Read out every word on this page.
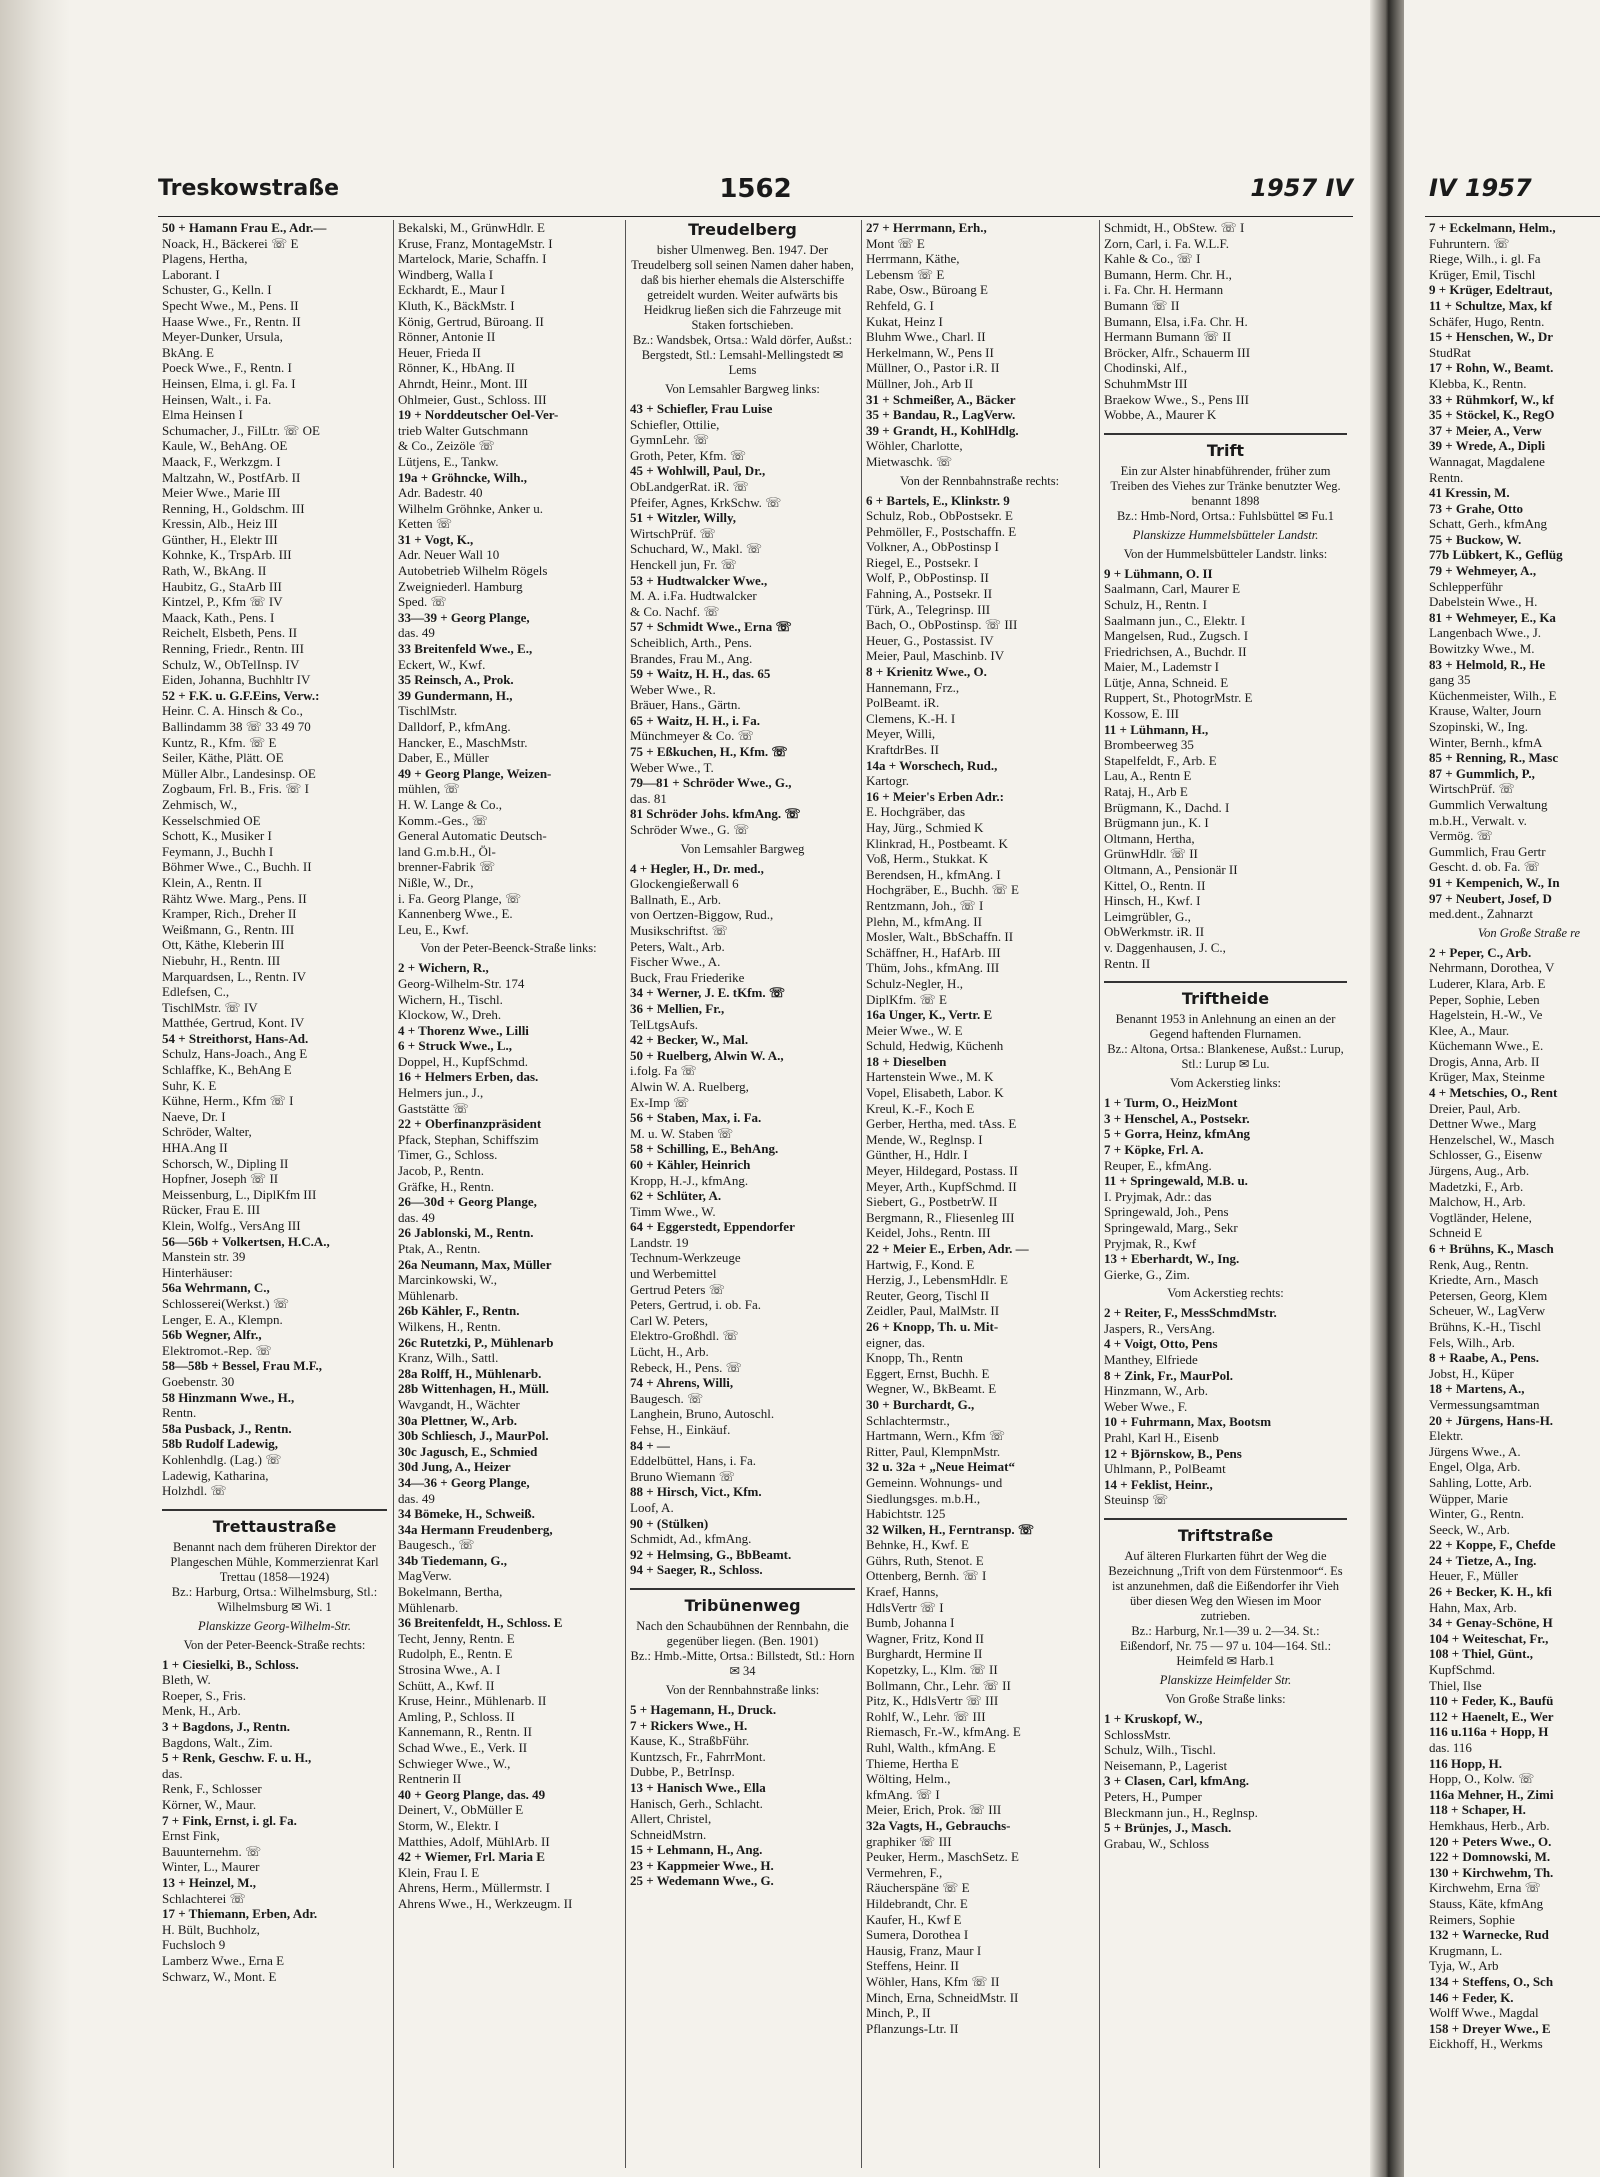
Treskowstraße	1562	1957 IV
50 + Hamann Frau E., Adr.—
Noack, H., Bäckerei ☏ E
Plagens, Hertha,
Laborant. I
Schuster, G., Kelln. I
Specht Wwe., M., Pens. II
Haase Wwe., Fr., Rentn. II
Meyer-Dunker, Ursula,
BkAng. E
Poeck Wwe., F., Rentn. I
Heinsen, Elma, i. gl. Fa. I
Heinsen, Walt., i. Fa.
Elma Heinsen I
Schumacher, J., FilLtr. ☏ OE
Kaule, W., BehAng. OE
Maack, F., Werkzgm. I
Maltzahn, W., PostfArb. II
Meier Wwe., Marie III
Renning, H., Goldschm. III
Kressin, Alb., Heiz III
Günther, H., Elektr III
Kohnke, K., TrspArb. III
Rath, W., BkAng. II
Haubitz, G., StaArb III
Kintzel, P., Kfm ☏ IV
Maack, Kath., Pens. I
Reichelt, Elsbeth, Pens. II
Renning, Friedr., Rentn. III
Schulz, W., ObTelInsp. IV
Eiden, Johanna, Buchhltr IV
52 + F.K. u. G.F.Eins, Verw.:
Heinr. C. A. Hinsch & Co.,
Ballindamm 38 ☏ 33 49 70
Kuntz, R., Kfm. ☏ E
Seiler, Käthe, Plätt. OE
Müller Albr., Landesinsp. OE
Zogbaum, Frl. B., Fris. ☏ I
Zehmisch, W.,
Kesselschmied OE
Schott, K., Musiker I
Feymann, J., Buchh I
Böhmer Wwe., C., Buchh. II
Klein, A., Rentn. II
Rähtz Wwe. Marg., Pens. II
Kramper, Rich., Dreher II
Weißmann, G., Rentn. III
Ott, Käthe, Kleberin III
Niebuhr, H., Rentn. III
Marquardsen, L., Rentn. IV
Edlefsen, C.,
TischlMstr. ☏ IV
Matthée, Gertrud, Kont. IV
54 + Streithorst, Hans-Ad.
Schulz, Hans-Joach., Ang E
Schlaffke, K., BehAng E
Suhr, K. E
Kühne, Herm., Kfm ☏ I
Naeve, Dr. I
Schröder, Walter,
HHA.Ang II
Schorsch, W., Dipling II
Hopfner, Joseph ☏ II
Meissenburg, L., DiplKfm III
Rücker, Frau E. III
Klein, Wolfg., VersAng III
56—56b + Volkertsen, H.C.A.,
Manstein str. 39
Hinterhäuser:
56a Wehrmann, C.,
Schlosserei(Werkst.) ☏
Lenger, E. A., Klempn.
56b Wegner, Alfr.,
Elektromot.-Rep. ☏
58—58b + Bessel, Frau M.F.,
Goebenstr. 30
58 Hinzmann Wwe., H.,
Rentn.
58a Pusback, J., Rentn.
58b Rudolf Ladewig,
Kohlenhdlg. (Lag.) ☏
Ladewig, Katharina,
Holzhdl. ☏
Trettaustraße
Benannt nach dem früheren Direktor der Plangeschen Mühle, Kommerzienrat Karl Trettau (1858—1924)
Bz.: Harburg, Ortsa.: Wilhelmsburg, Stl.: Wilhelmsburg ✉ Wi. 1
Planskizze Georg-Wilhelm-Str.
Von der Peter-Beenck-Straße rechts:
1 + Ciesielki, B., Schloss.
Bleth, W.
Roeper, S., Fris.
Menk, H., Arb.
3 + Bagdons, J., Rentn.
Bagdons, Walt., Zim.
5 + Renk, Geschw. F. u. H.,
das.
Renk, F., Schlosser
Körner, W., Maur.
7 + Fink, Ernst, i. gl. Fa.
Ernst Fink,
Bauunternehm. ☏
Winter, L., Maurer
13 + Heinzel, M.,
Schlachterei ☏
17 + Thiemann, Erben, Adr.
H. Bült, Buchholz,
Fuchsloch 9
Lamberz Wwe., Erna E
Schwarz, W., Mont. E
Bekalski, M., GrünwHdlr. E
Kruse, Franz, MontageMstr. I
Martelock, Marie, Schaffn. I
Windberg, Walla I
Eckhardt, E., Maur I
Kluth, K., BäckMstr. I
König, Gertrud, Büroang. II
Rönner, Antonie II
Heuer, Frieda II
Rönner, K., HbAng. II
Ahrndt, Heinr., Mont. III
Ohlmeier, Gust., Schloss. III
19 + Norddeutscher Oel-Ver-
trieb Walter Gutschmann
& Co., Zeizöle ☏
Lütjens, E., Tankw.
19a + Gröhncke, Wilh.,
Adr. Badestr. 40
Wilhelm Gröhnke, Anker u.
Ketten ☏
31 + Vogt, K.,
Adr. Neuer Wall 10
Autobetrieb Wilhelm Rögels
Zweigniederl. Hamburg
Sped. ☏
33—39 + Georg Plange,
das. 49
33 Breitenfeld Wwe., E.,
Eckert, W., Kwf.
35 Reinsch, A., Prok.
39 Gundermann, H.,
TischlMstr.
Dalldorf, P., kfmAng.
Hancker, E., MaschMstr.
Daber, E., Müller
49 + Georg Plange, Weizen-
mühlen, ☏
H. W. Lange & Co.,
Komm.-Ges., ☏
General Automatic Deutsch-
land G.m.b.H., Öl-
brenner-Fabrik ☏
Nißle, W., Dr.,
i. Fa. Georg Plange, ☏
Kannenberg Wwe., E.
Leu, E., Kwf.
Von der Peter-Beenck-Straße links:
2 + Wichern, R.,
Georg-Wilhelm-Str. 174
Wichern, H., Tischl.
Klockow, W., Dreh.
4 + Thorenz Wwe., Lilli
6 + Struck Wwe., L.,
Doppel, H., KupfSchmd.
16 + Helmers Erben, das.
Helmers jun., J.,
Gaststätte ☏
22 + Oberfinanzpräsident
Pfack, Stephan, Schiffszim
Timer, G., Schloss.
Jacob, P., Rentn.
Gräfke, H., Rentn.
26—30d + Georg Plange,
das. 49
26 Jablonski, M., Rentn.
Ptak, A., Rentn.
26a Neumann, Max, Müller
Marcinkowski, W.,
Mühlenarb.
26b Kähler, F., Rentn.
Wilkens, H., Rentn.
26c Rutetzki, P., Mühlenarb
Kranz, Wilh., Sattl.
28a Rolff, H., Mühlenarb.
28b Wittenhagen, H., Müll.
Wavgandt, H., Wächter
30a Plettner, W., Arb.
30b Schliesch, J., MaurPol.
30c Jagusch, E., Schmied
30d Jung, A., Heizer
34—36 + Georg Plange,
das. 49
34 Bömeke, H., Schweiß.
34a Hermann Freudenberg,
Baugesch., ☏
34b Tiedemann, G.,
MagVerw.
Bokelmann, Bertha,
Mühlenarb.
36 Breitenfeldt, H., Schloss. E
Techt, Jenny, Rentn. E
Rudolph, E., Rentn. E
Strosina Wwe., A. I
Schütt, A., Kwf. II
Kruse, Heinr., Mühlenarb. II
Amling, P., Schloss. II
Kannemann, R., Rentn. II
Schad Wwe., E., Verk. II
Schwieger Wwe., W.,
Rentnerin II
40 + Georg Plange, das. 49
Deinert, V., ObMüller E
Storm, W., Elektr. I
Matthies, Adolf, MühlArb. II
42 + Wiemer, Frl. Maria E
Klein, Frau I. E
Ahrens, Herm., Müllermstr. I
Ahrens Wwe., H., Werkzeugm. II
Treudelberg
bisher Ulmenweg. Ben. 1947. Der Treudelberg soll seinen Namen daher haben, daß bis hierher ehemals die Alsterschiffe getreidelt wurden. Weiter aufwärts bis Heidkrug ließen sich die Fahrzeuge mit Staken fortschieben.
Bz.: Wandsbek, Ortsa.: Wald dörfer, Außst.: Bergstedt, Stl.: Lemsahl-Mellingstedt ✉ Lems
Von Lemsahler Bargweg links:
43 + Schiefler, Frau Luise
Schiefler, Ottilie,
GymnLehr. ☏
Groth, Peter, Kfm. ☏
45 + Wohlwill, Paul, Dr.,
ObLandgerRat. iR. ☏
Pfeifer, Agnes, KrkSchw. ☏
51 + Witzler, Willy,
WirtschPrüf. ☏
Schuchard, W., Makl. ☏
Henckell jun, Fr. ☏
53 + Hudtwalcker Wwe.,
M. A. i.Fa. Hudtwalcker
& Co. Nachf. ☏
57 + Schmidt Wwe., Erna ☏
Scheiblich, Arth., Pens.
Brandes, Frau M., Ang.
59 + Waitz, H. H., das. 65
Weber Wwe., R.
Bräuer, Hans., Gärtn.
65 + Waitz, H. H., i. Fa.
Münchmeyer & Co. ☏
75 + Eßkuchen, H., Kfm. ☏
Weber Wwe., T.
79—81 + Schröder Wwe., G.,
das. 81
81 Schröder Johs. kfmAng. ☏
Schröder Wwe., G. ☏
Von Lemsahler Bargweg
4 + Hegler, H., Dr. med.,
Glockengießerwall 6
Ballnath, E., Arb.
von Oertzen-Biggow, Rud.,
Musikschriftst. ☏
Peters, Walt., Arb.
Fischer Wwe., A.
Buck, Frau Friederike
34 + Werner, J. E. tKfm. ☏
36 + Mellien, Fr.,
TelLtgsAufs.
42 + Becker, W., Mal.
50 + Ruelberg, Alwin W. A.,
i.folg. Fa ☏
Alwin W. A. Ruelberg,
Ex-Imp ☏
56 + Staben, Max, i. Fa.
M. u. W. Staben ☏
58 + Schilling, E., BehAng.
60 + Kähler, Heinrich
Kropp, H.-J., kfmAng.
62 + Schlüter, A.
Timm Wwe., W.
64 + Eggerstedt, Eppendorfer
Landstr. 19
Technum-Werkzeuge
und Werbemittel
Gertrud Peters ☏
Peters, Gertrud, i. ob. Fa.
Carl W. Peters,
Elektro-Großhdl. ☏
Lücht, H., Arb.
Rebeck, H., Pens. ☏
74 + Ahrens, Willi,
Baugesch. ☏
Langhein, Bruno, Autoschl.
Fehse, H., Einkäuf.
84 + —
Eddelbüttel, Hans, i. Fa.
Bruno Wiemann ☏
88 + Hirsch, Vict., Kfm.
Loof, A.
90 + (Stülken)
Schmidt, Ad., kfmAng.
92 + Helmsing, G., BbBeamt.
94 + Saeger, R., Schloss.
Tribünenweg
Nach den Schaubühnen der Rennbahn, die gegenüber liegen. (Ben. 1901)
Bz.: Hmb.-Mitte, Ortsa.: Billstedt, Stl.: Horn ✉ 34
Von der Rennbahnstraße links:
5 + Hagemann, H., Druck.
7 + Rickers Wwe., H.
Kause, K., StraßbFühr.
Kuntzsch, Fr., FahrrMont.
Dubbe, P., BetrInsp.
13 + Hanisch Wwe., Ella
Hanisch, Gerh., Schlacht.
Allert, Christel,
SchneidMstrn.
15 + Lehmann, H., Ang.
23 + Kappmeier Wwe., H.
25 + Wedemann Wwe., G.
27 + Herrmann, Erh.,
Mont ☏ E
Herrmann, Käthe,
Lebensm ☏ E
Rabe, Osw., Büroang E
Rehfeld, G. I
Kukat, Heinz I
Bluhm Wwe., Charl. II
Herkelmann, W., Pens II
Müllner, O., Pastor i.R. II
Müllner, Joh., Arb II
31 + Schmeißer, A., Bäcker
35 + Bandau, R., LagVerw.
39 + Grandt, H., KohlHdlg.
Wöhler, Charlotte,
Mietwaschk. ☏
Von der Rennbahnstraße rechts:
6 + Bartels, E., Klinkstr. 9
Schulz, Rob., ObPostsekr. E
Pehmöller, F., Postschaffn. E
Volkner, A., ObPostinsp I
Riegel, E., Postsekr. I
Wolf, P., ObPostinsp. II
Fahning, A., Postsekr. II
Türk, A., Telegrinsp. III
Bach, O., ObPostinsp. ☏ III
Heuer, G., Postassist. IV
Meier, Paul, Maschinb. IV
8 + Krienitz Wwe., O.
Hannemann, Frz.,
PolBeamt. iR.
Clemens, K.-H. I
Meyer, Willi,
KraftdrBes. II
14a + Worschech, Rud.,
Kartogr.
16 + Meier's Erben Adr.:
E. Hochgräber, das
Hay, Jürg., Schmied K
Klinkrad, H., Postbeamt. K
Voß, Herm., Stukkat. K
Berendsen, H., kfmAng. I
Hochgräber, E., Buchh. ☏ E
Rentzmann, Joh., ☏ I
Plehn, M., kfmAng. II
Mosler, Walt., BbSchaffn. II
Schäffner, H., HafArb. III
Thüm, Johs., kfmAng. III
Schulz-Negler, H.,
DiplKfm. ☏ E
16a Unger, K., Vertr. E
Meier Wwe., W. E
Schuld, Hedwig, Küchenh
18 + Dieselben
Hartenstein Wwe., M. K
Vopel, Elisabeth, Labor. K
Kreul, K.-F., Koch E
Gerber, Hertha, med. tAss. E
Mende, W., Reglnsp. I
Günther, H., Hdlr. I
Meyer, Hildegard, Postass. II
Meyer, Arth., KupfSchmd. II
Siebert, G., PostbetrW. II
Bergmann, R., Fliesenleg III
Keidel, Johs., Rentn. III
22 + Meier E., Erben, Adr. —
Hartwig, F., Kond. E
Herzig, J., LebensmHdlr. E
Reuter, Georg, Tischl II
Zeidler, Paul, MalMstr. II
26 + Knopp, Th. u. Mit-
eigner, das.
Knopp, Th., Rentn
Eggert, Ernst, Buchh. E
Wegner, W., BkBeamt. E
30 + Burchardt, G.,
Schlachtermstr.,
Hartmann, Wern., Kfm ☏
Ritter, Paul, KlempnMstr.
32 u. 32a + „Neue Heimat“
Gemeinn. Wohnungs- und
Siedlungsges. m.b.H.,
Habichtstr. 125
32 Wilken, H., Ferntransp. ☏
Behnke, H., Kwf. E
Gührs, Ruth, Stenot. E
Ottenberg, Bernh. ☏ I
Kraef, Hanns,
HdlsVertr ☏ I
Bumb, Johanna I
Wagner, Fritz, Kond II
Burghardt, Hermine II
Kopetzky, L., Klm. ☏ II
Bollmann, Chr., Lehr. ☏ II
Pitz, K., HdlsVertr ☏ III
Rohlf, W., Lehr. ☏ III
Riemasch, Fr.-W., kfmAng. E
Ruhl, Walth., kfmAng. E
Thieme, Hertha E
Wölting, Helm.,
kfmAng. ☏ I
Meier, Erich, Prok. ☏ III
32a Vagts, H., Gebrauchs-
graphiker ☏ III
Peuker, Herm., MaschSetz. E
Vermehren, F.,
Räucherspäne ☏ E
Hildebrandt, Chr. E
Kaufer, H., Kwf E
Sumera, Dorothea I
Hausig, Franz, Maur I
Steffens, Heinr. II
Wöhler, Hans, Kfm ☏ II
Minch, Erna, SchneidMstr. II
Minch, P., II
Pflanzungs-Ltr. II
Schmidt, H., ObStew. ☏ I
Zorn, Carl, i. Fa. W.L.F.
Kahle & Co., ☏ I
Bumann, Herm. Chr. H.,
i. Fa. Chr. H. Hermann
Bumann ☏ II
Bumann, Elsa, i.Fa. Chr. H.
Hermann Bumann ☏ II
Bröcker, Alfr., Schauerm III
Chodinski, Alf.,
SchuhmMstr III
Braekow Wwe., S., Pens III
Wobbe, A., Maurer K
Trift
Ein zur Alster hinabführender, früher zum Treiben des Viehes zur Tränke benutzter Weg. benannt 1898
Bz.: Hmb-Nord, Ortsa.: Fuhlsbüttel ✉ Fu.1
Planskizze Hummelsbütteler Landstr.
Von der Hummelsbütteler Landstr. links:
9 + Lühmann, O. II
Saalmann, Carl, Maurer E
Schulz, H., Rentn. I
Saalmann jun., C., Elektr. I
Mangelsen, Rud., Zugsch. I
Friedrichsen, A., Buchdr. II
Maier, M., Lademstr I
Lütje, Anna, Schneid. E
Ruppert, St., PhotogrMstr. E
Kossow, E. III
11 + Lühmann, H.,
Brombeerweg 35
Stapelfeldt, F., Arb. E
Lau, A., Rentn E
Rataj, H., Arb E
Brügmann, K., Dachd. I
Brügmann jun., K. I
Oltmann, Hertha,
GrünwHdlr. ☏ II
Oltmann, A., Pensionär II
Kittel, O., Rentn. II
Hinsch, H., Kwf. I
Leimgrübler, G.,
ObWerkmstr. iR. II
v. Daggenhausen, J. C.,
Rentn. II
Triftheide
Benannt 1953 in Anlehnung an einen an der Gegend haftenden Flurnamen.
Bz.: Altona, Ortsa.: Blankenese, Außst.: Lurup, Stl.: Lurup ✉ Lu.
Vom Ackerstieg links:
1 + Turm, O., HeizMont
3 + Henschel, A., Postsekr.
5 + Gorra, Heinz, kfmAng
7 + Köpke, Frl. A.
Reuper, E., kfmAng.
11 + Springewald, M.B. u.
I. Pryjmak, Adr.: das
Springewald, Joh., Pens
Springewald, Marg., Sekr
Pryjmak, R., Kwf
13 + Eberhardt, W., Ing.
Gierke, G., Zim.
Vom Ackerstieg rechts:
2 + Reiter, F., MessSchmdMstr.
Jaspers, R., VersAng.
4 + Voigt, Otto, Pens
Manthey, Elfriede
8 + Zink, Fr., MaurPol.
Hinzmann, W., Arb.
Weber Wwe., F.
10 + Fuhrmann, Max, Bootsm
Prahl, Karl H., Eisenb
12 + Björnskow, B., Pens
Uhlmann, P., PolBeamt
14 + Feklist, Heinr.,
Steuinsp ☏
Triftstraße
Auf älteren Flurkarten führt der Weg die Bezeichnung „Trift von dem Fürstenmoor“. Es ist anzunehmen, daß die Eißendorfer ihr Vieh über diesen Weg den Wiesen im Moor zutrieben.
Bz.: Harburg, Nr.1—39 u. 2—34. St.: Eißendorf, Nr. 75 — 97 u. 104—164. Stl.: Heimfeld ✉ Harb.1
Planskizze Heimfelder Str.
Von Große Straße links:
1 + Kruskopf, W.,
SchlossMstr.
Schulz, Wilh., Tischl.
Neisemann, P., Lagerist
3 + Clasen, Carl, kfmAng.
Peters, H., Pumper
Bleckmann jun., H., Reglnsp.
5 + Brünjes, J., Masch.
Grabau, W., Schloss
IV 1957
7 + Eckelmann, Helm.,
Fuhruntern. ☏
Riege, Wilh., i. gl. Fa
Krüger, Emil, Tischl
9 + Krüger, Edeltraut,
11 + Schultze, Max, kf
Schäfer, Hugo, Rentn.
15 + Henschen, W., Dr
StudRat
17 + Rohn, W., Beamt.
Klebba, K., Rentn.
33 + Rühmkorf, W., kf
35 + Stöckel, K., RegO
37 + Meier, A., Verw
39 + Wrede, A., Dipli
Wannagat, Magdalene
Rentn.
41 Kressin, M.
73 + Grahe, Otto
Schatt, Gerh., kfmAng
75 + Buckow, W.
77b Lübkert, K., Geflüg
79 + Wehmeyer, A.,
Schlepperführ
Dabelstein Wwe., H.
81 + Wehmeyer, E., Ka
Langenbach Wwe., J.
Bowitzky Wwe., M.
83 + Helmold, R., He
gang 35
Küchenmeister, Wilh., E
Krause, Walter, Journ
Szopinski, W., Ing.
Winter, Bernh., kfmA
85 + Renning, R., Masc
87 + Gummlich, P.,
WirtschPrüf. ☏
Gummlich Verwaltung
m.b.H., Verwalt. v.
Vermög. ☏
Gummlich, Frau Gertr
Gescht. d. ob. Fa. ☏
91 + Kempenich, W., In
97 + Neubert, Josef, D
med.dent., Zahnarzt
Von Große Straße re
2 + Peper, C., Arb.
Nehrmann, Dorothea, V
Luderer, Klara, Arb. E
Peper, Sophie, Leben
Hagelstein, H.-W., Ve
Klee, A., Maur.
Küchemann Wwe., E.
Drogis, Anna, Arb. II
Krüger, Max, Steinme
4 + Metschies, O., Rent
Dreier, Paul, Arb.
Dettner Wwe., Marg
Henzelschel, W., Masch
Schlosser, G., Eisenw
Jürgens, Aug., Arb.
Madetzki, F., Arb.
Malchow, H., Arb.
Vogtländer, Helene,
Schneid E
6 + Brühns, K., Masch
Renk, Aug., Rentn.
Kriedte, Arn., Masch
Petersen, Georg, Klem
Scheuer, W., LagVerw
Brühns, K.-H., Tischl
Fels, Wilh., Arb.
8 + Raabe, A., Pens.
Jobst, H., Küper
18 + Martens, A.,
Vermessungsamtman
20 + Jürgens, Hans-H.
Elektr.
Jürgens Wwe., A.
Engel, Olga, Arb.
Sahling, Lotte, Arb.
Wüpper, Marie
Winter, G., Rentn.
Seeck, W., Arb.
22 + Koppe, F., Chefde
24 + Tietze, A., Ing.
Heuer, F., Müller
26 + Becker, K. H., kfi
Hahn, Max, Arb.
34 + Genay-Schöne, H
104 + Weiteschat, Fr.,
108 + Thiel, Günt.,
KupfSchmd.
Thiel, Ilse
110 + Feder, K., Baufü
112 + Haenelt, E., Wer
116 u.116a + Hopp, H
das. 116
116 Hopp, H.
Hopp, O., Kolw. ☏
116a Mehner, H., Zimi
118 + Schaper, H.
Hemkhaus, Herb., Arb.
120 + Peters Wwe., O.
122 + Domnowski, M.
130 + Kirchwehm, Th.
Kirchwehm, Erna ☏
Stauss, Käte, kfmAng
Reimers, Sophie
132 + Warnecke, Rud
Krugmann, L.
Tyja, W., Arb
134 + Steffens, O., Sch
146 + Feder, K.
Wolff Wwe., Magdal
158 + Dreyer Wwe., E
Eickhoff, H., Werkms
